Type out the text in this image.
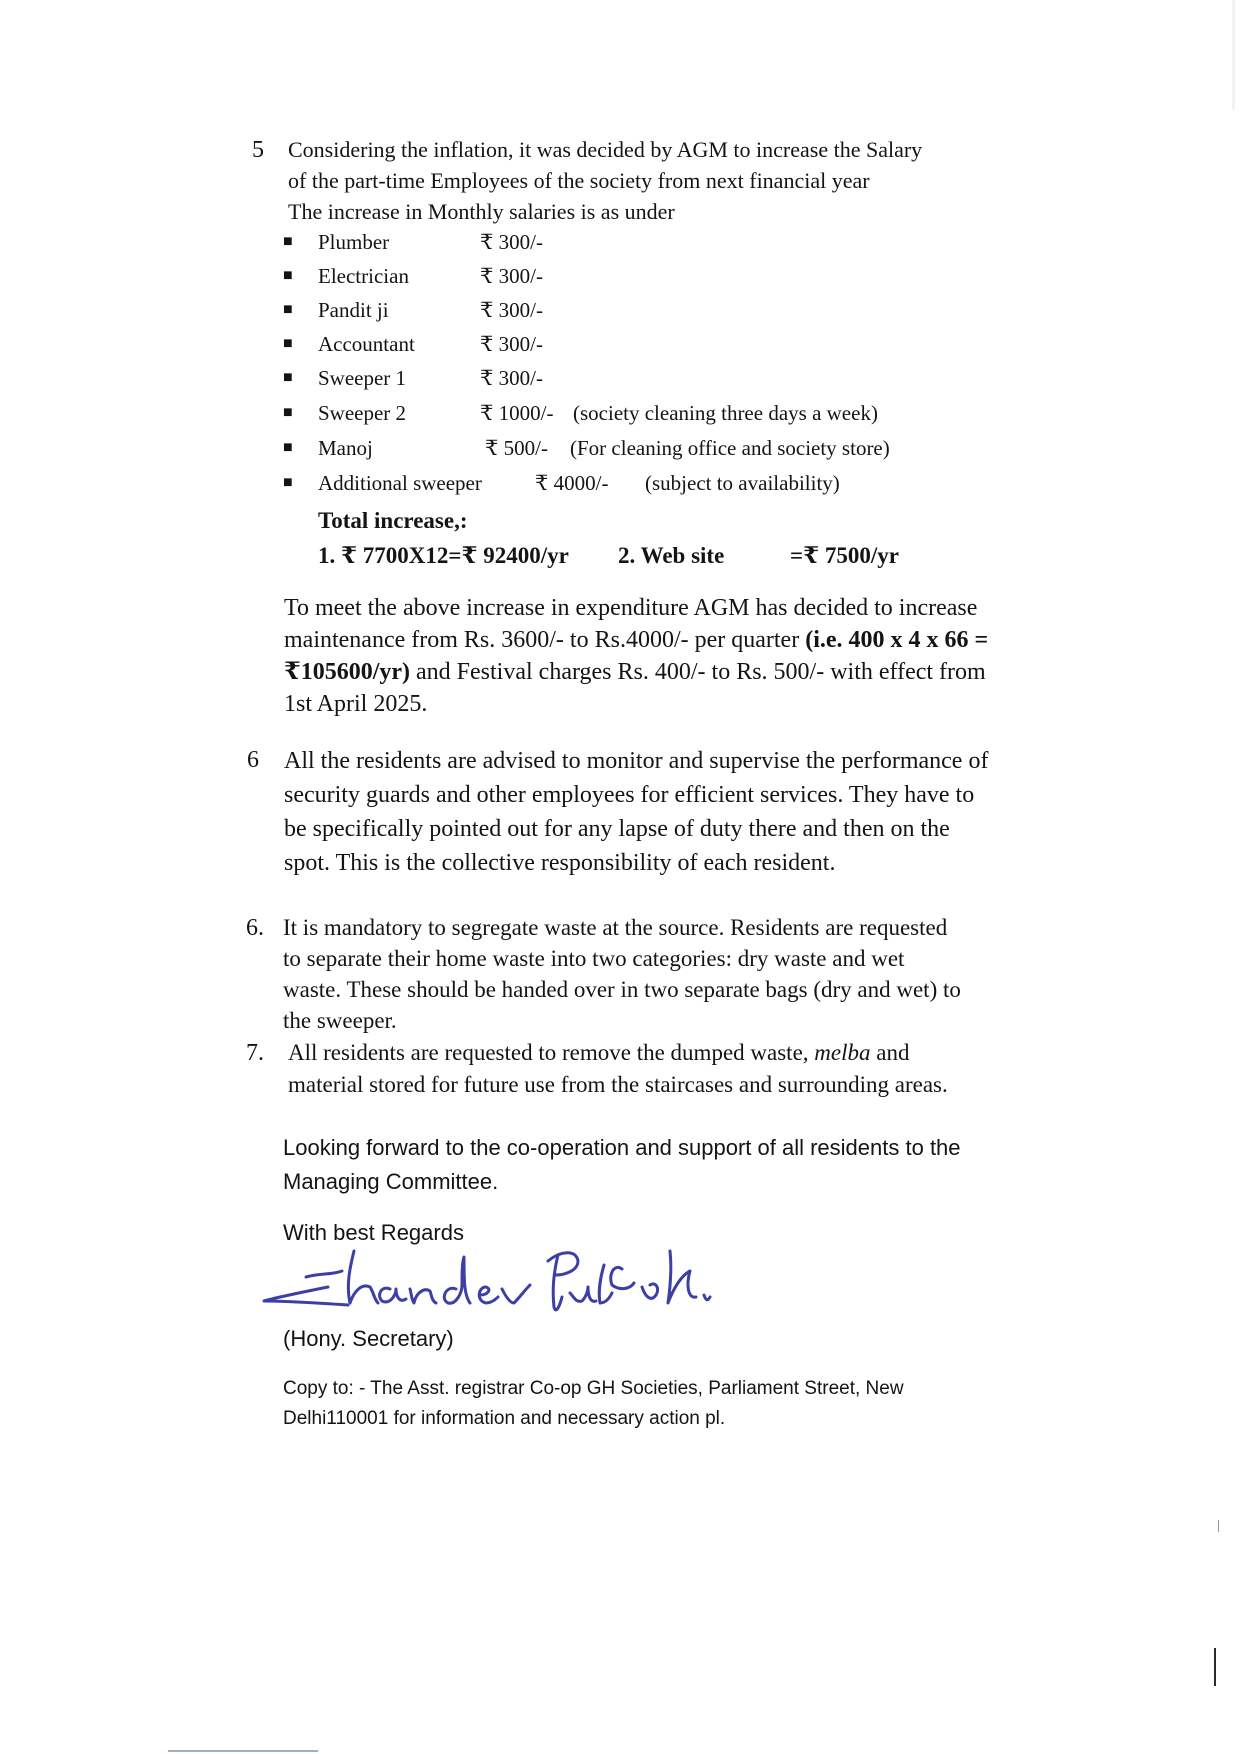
5 Considering the inflation, it was decided by AGM to increase the Salary
of the part-time Employees of the society from next financial year
The increase in Monthly salaries is as under
■ Plumber	₹ 300/-
■ Electrician	₹ 300/-
■ Pandit ji	₹ 300/-
■ Accountant	₹ 300/-
■ Sweeper 1	₹ 300/-
■ Sweeper 2	₹ 1000/- (society cleaning three days a week)
■ Manoj	₹ 500/- (For cleaning office and society store)
■ Additional sweeper	₹ 4000/- (subject to availability)
Total increase,:
1. ₹ 7700X12=₹ 92400/yr 2. Web site	=₹ 7500/yr
To meet the above increase in expenditure AGM has decided to increase
maintenance from Rs. 3600/- to Rs.4000/- per quarter (i.e. 400 x 4 x 66 =
₹105600/yr) and Festival charges Rs. 400/- to Rs. 500/- with effect from
1st April 2025.
6 All the residents are advised to monitor and supervise the performance of
security guards and other employees for efficient services. They have to
be specifically pointed out for any lapse of duty there and then on the
spot. This is the collective responsibility of each resident.
6. It is mandatory to segregate waste at the source. Residents are requested
to separate their home waste into two categories: dry waste and wet
waste. These should be handed over in two separate bags (dry and wet) to
the sweeper.
7. All residents are requested to remove the dumped waste, melba and
material stored for future use from the staircases and surrounding areas.
Looking forward to the co-operation and support of all residents to the
Managing Committee.
With best Regards
(Hony. Secretary)
Copy to: - The Asst. registrar Co-op GH Societies, Parliament Street, New
Delhi110001 for information and necessary action pl.
